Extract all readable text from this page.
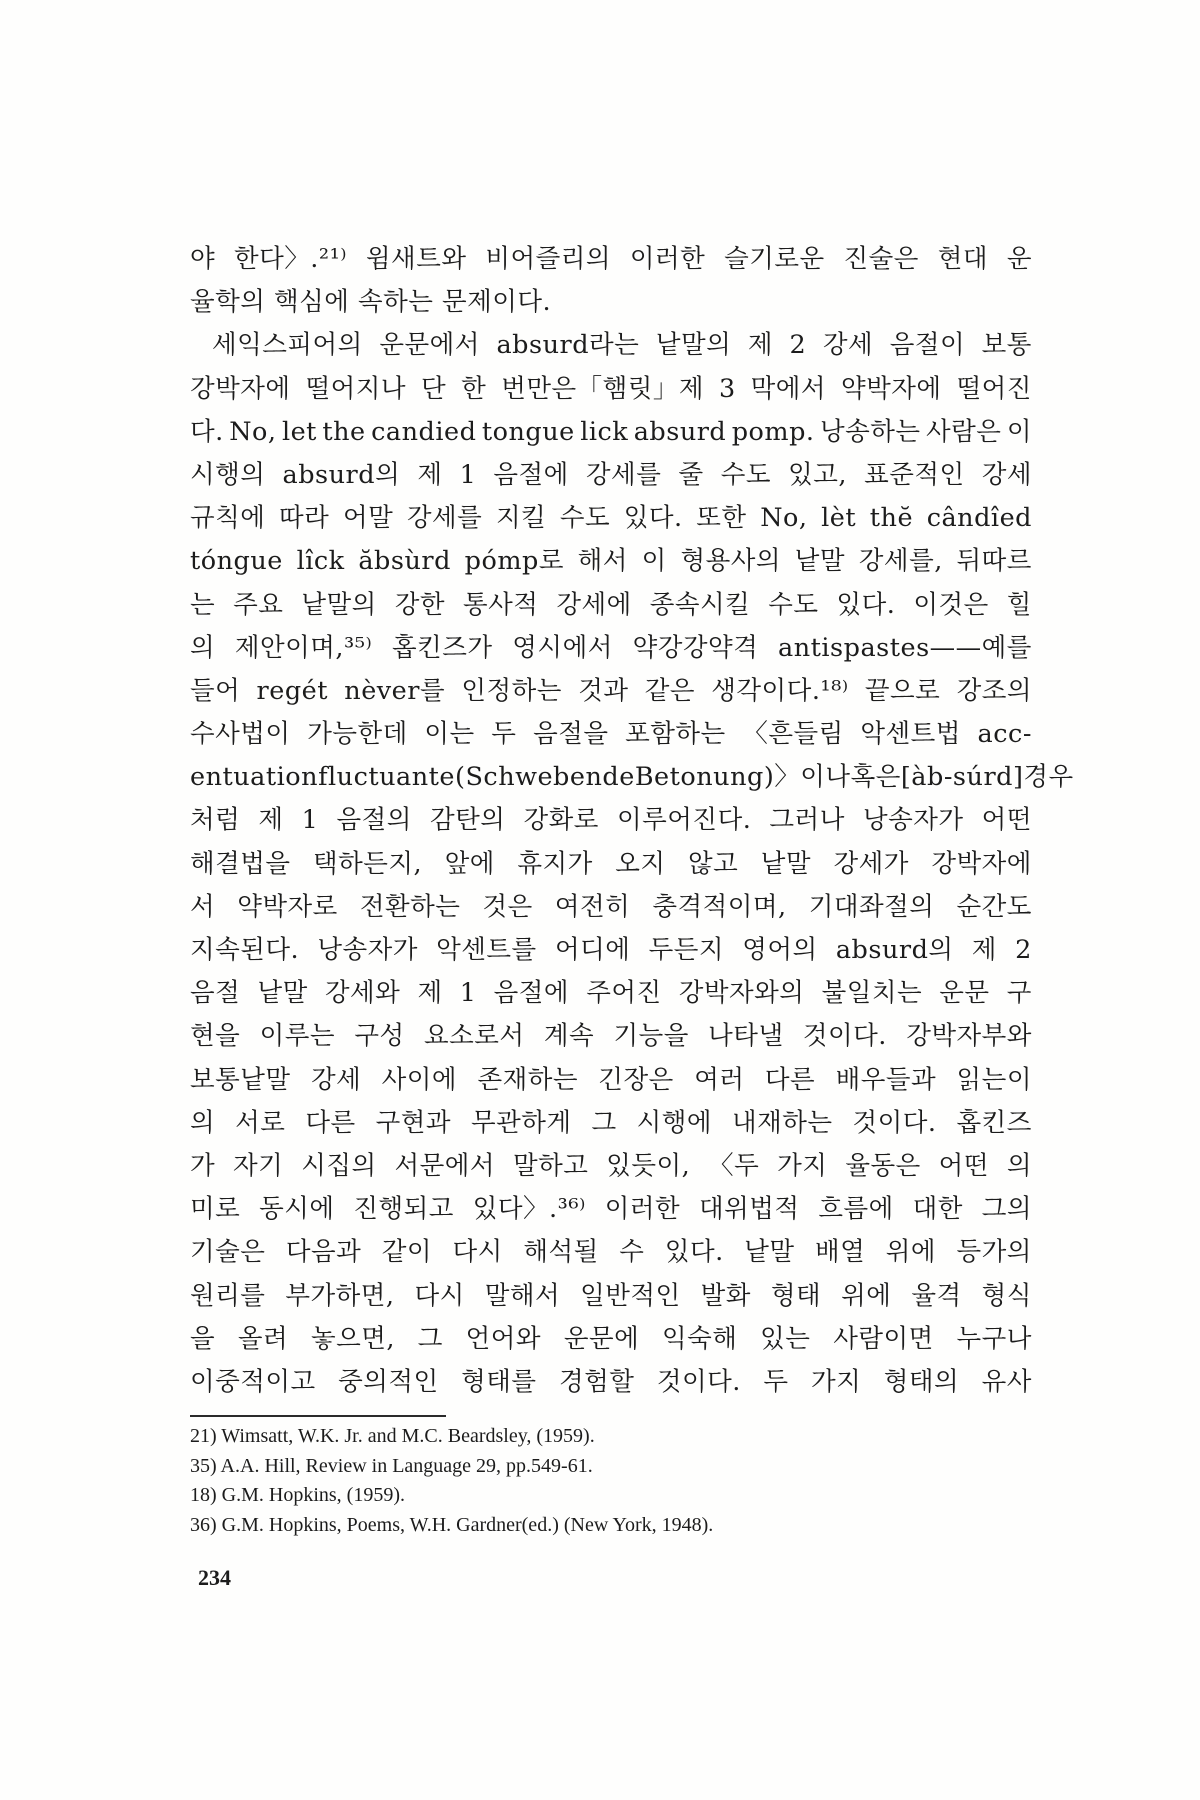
야 한다〉.²¹⁾ 윔새트와 비어즐리의 이러한 슬기로운 진술은 현대 운
율학의 핵심에 속하는 문제이다.
세익스피어의 운문에서 absurd라는 낱말의 제 2 강세 음절이 보통
강박자에 떨어지나 단 한 번만은「햄릿」제 3 막에서 약박자에 떨어진
다. No, let the candied tongue lick absurd pomp. 낭송하는 사람은 이
시행의 absurd의 제 1 음절에 강세를 줄 수도 있고, 표준적인 강세
규칙에 따라 어말 강세를 지킬 수도 있다. 또한 No, lèt thĕ cândîed
tóngue lîck ăbsùrd pómp로 해서 이 형용사의 낱말 강세를, 뒤따르
는 주요 낱말의 강한 통사적 강세에 종속시킬 수도 있다. 이것은 힐
의 제안이며,³⁵⁾ 홉킨즈가 영시에서 약강강약격 antispastes——예를
들어 regét nèver를 인정하는 것과 같은 생각이다.¹⁸⁾ 끝으로 강조의
수사법이 가능한데 이는 두 음절을 포함하는 〈흔들림 악센트법 acc-
entuation fluctuante (Schwebende Betonung)〉이나 혹은 [àb-súrd] 경우
처럼 제 1 음절의 감탄의 강화로 이루어진다. 그러나 낭송자가 어떤
해결법을 택하든지, 앞에 휴지가 오지 않고 낱말 강세가 강박자에
서 약박자로 전환하는 것은 여전히 충격적이며, 기대좌절의 순간도
지속된다. 낭송자가 악센트를 어디에 두든지 영어의 absurd의 제 2
음절 낱말 강세와 제 1 음절에 주어진 강박자와의 불일치는 운문 구
현을 이루는 구성 요소로서 계속 기능을 나타낼 것이다. 강박자부와
보통낱말 강세 사이에 존재하는 긴장은 여러 다른 배우들과 읽는이
의 서로 다른 구현과 무관하게 그 시행에 내재하는 것이다. 홉킨즈
가 자기 시집의 서문에서 말하고 있듯이, 〈두 가지 율동은 어떤 의
미로 동시에 진행되고 있다〉.³⁶⁾ 이러한 대위법적 흐름에 대한 그의
기술은 다음과 같이 다시 해석될 수 있다. 낱말 배열 위에 등가의
원리를 부가하면, 다시 말해서 일반적인 발화 형태 위에 율격 형식
을 올려 놓으면, 그 언어와 운문에 익숙해 있는 사람이면 누구나
이중적이고 중의적인 형태를 경험할 것이다. 두 가지 형태의 유사
21) Wimsatt, W.K. Jr. and M.C. Beardsley, (1959).
35) A.A. Hill, Review in Language 29, pp.549-61.
18) G.M. Hopkins, (1959).
36) G.M. Hopkins, Poems, W.H. Gardner(ed.) (New York, 1948).
234
